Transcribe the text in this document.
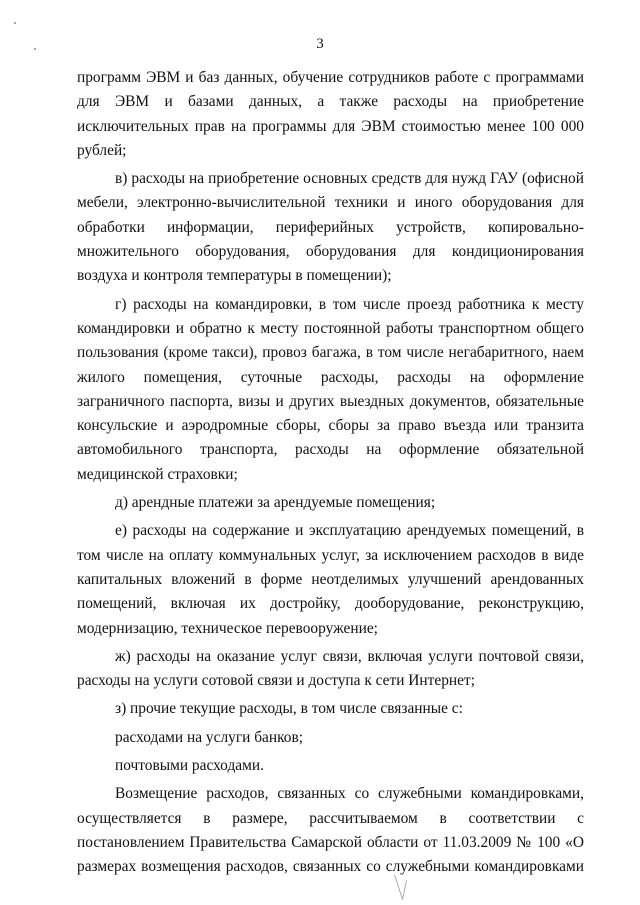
3

программ ЭВМ и баз данных, обучение сотрудников работе с программами для ЭВМ и базами данных, а также расходы на приобретение исключительных прав на программы для ЭВМ стоимостью менее 100 000 рублей;

в) расходы на приобретение основных средств для нужд ГАУ (офисной мебели, электронно-вычислительной техники и иного оборудования для обработки информации, периферийных устройств, копировально-множительного оборудования, оборудования для кондиционирования воздуха и контроля температуры в помещении);

г) расходы на командировки, в том числе проезд работника к месту командировки и обратно к месту постоянной работы транспортном общего пользования (кроме такси), провоз багажа, в том числе негабаритного, наем жилого помещения, суточные расходы, расходы на оформление заграничного паспорта, визы и других выездных документов, обязательные консульские и аэродромные сборы, сборы за право въезда или транзита автомобильного транспорта, расходы на оформление обязательной медицинской страховки;

д) арендные платежи за арендуемые помещения;

е) расходы на содержание и эксплуатацию арендуемых помещений, в том числе на оплату коммунальных услуг, за исключением расходов в виде капитальных вложений в форме неотделимых улучшений арендованных помещений, включая их достройку, дооборудование, реконструкцию, модернизацию, техническое перевооружение;

ж) расходы на оказание услуг связи, включая услуги почтовой связи, расходы на услуги сотовой связи и доступа к сети Интернет;

з) прочие текущие расходы, в том числе связанные с:

расходами на услуги банков;

почтовыми расходами.

Возмещение расходов, связанных со служебными командировками, осуществляется в размере, рассчитываемом в соответствии с постановлением Правительства Самарской области от 11.03.2009 № 100 «О размерах возмещения расходов, связанных со служебными командировками
